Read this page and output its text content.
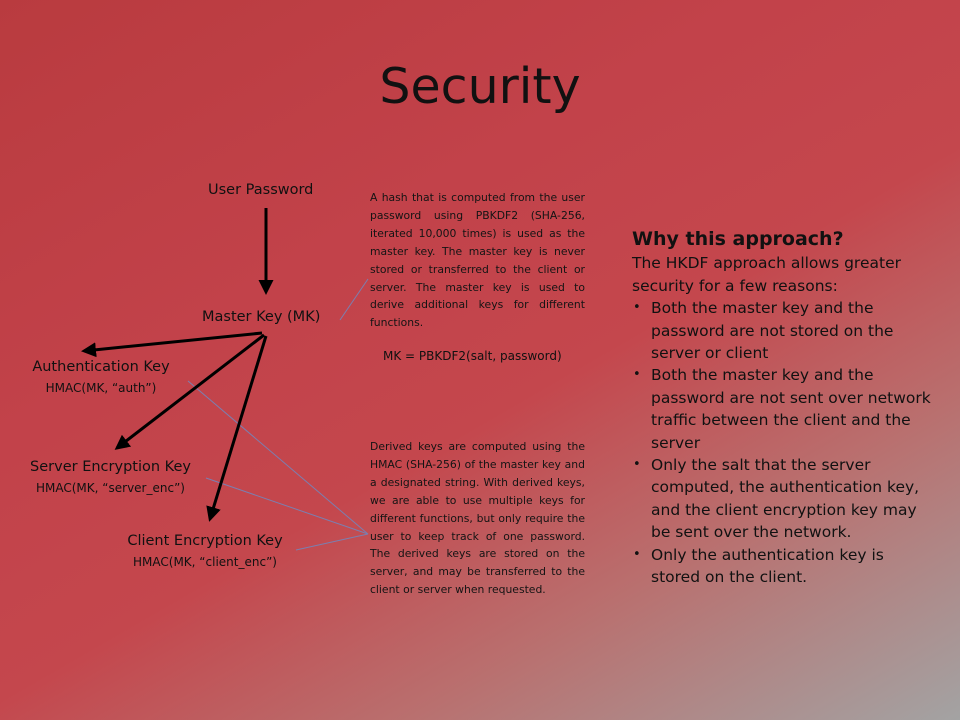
Security
User Password
Master Key (MK)
Authentication Key
HMAC(MK, “auth”)
Server Encryption Key
HMAC(MK, “server_enc”)
Client Encryption Key
HMAC(MK, “client_enc”)
A hash that is computed from the user password using PBKDF2 (SHA-256, iterated 10,000 times) is used as the master key. The master key is never stored or transferred to the client or server. The master key is used to derive additional keys for different functions.
MK = PBKDF2(salt, password)
Derived keys are computed using the HMAC (SHA-256) of the master key and a designated string. With derived keys, we are able to use multiple keys for different functions, but only require the user to keep track of one password. The derived keys are stored on the server, and may be transferred to the client or server when requested.
Why this approach?

The HKDF approach allows greater security for a few reasons:

• Both the master key and the password are not stored on the server or client
• Both the master key and the password are not sent over network traffic between the client and the server
• Only the salt that the server computed, the authentication key, and the client encryption key may be sent over the network.
• Only the authentication key is stored on the client.
